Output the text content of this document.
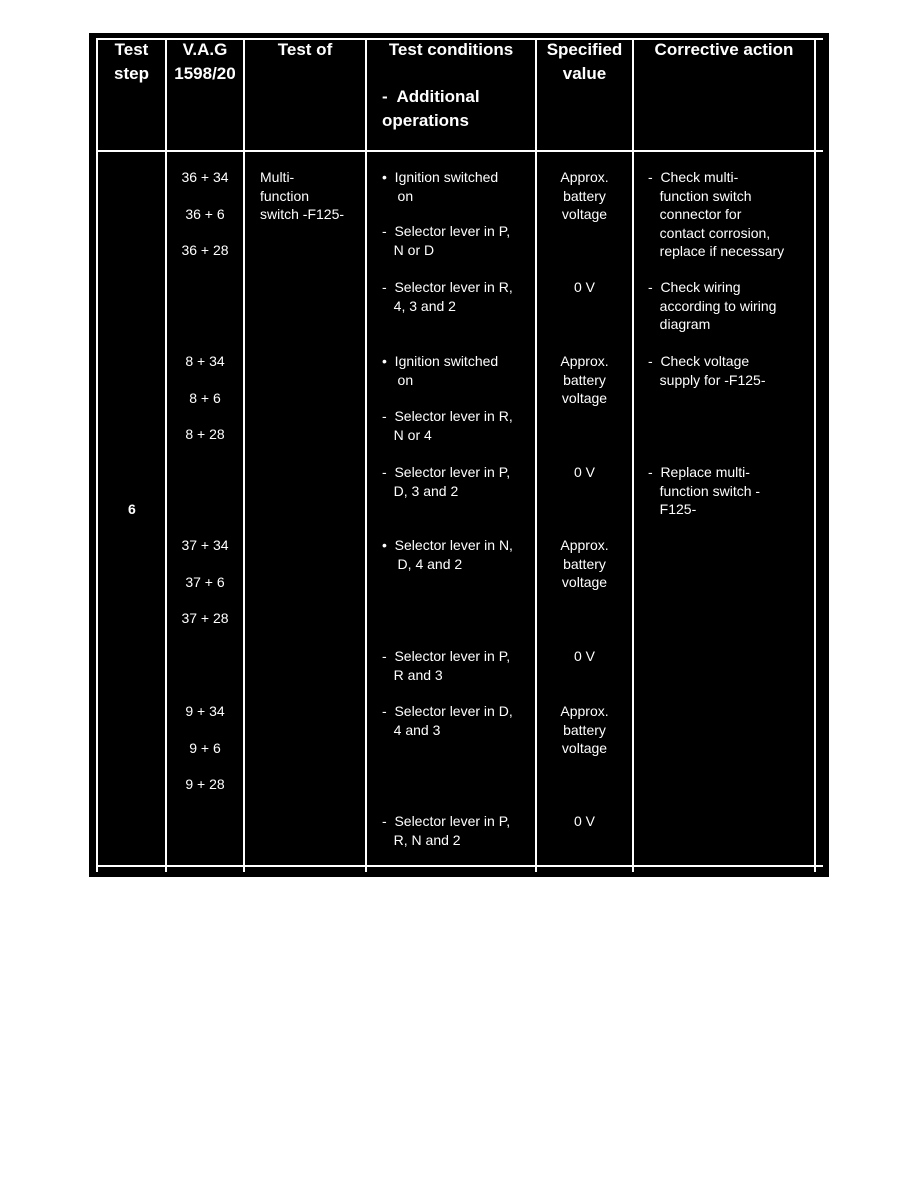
Test
step
V.A.G
1598/20
Test of	Test conditions
-  Additional
operations
Specified
value
Corrective action
6
Multi-
function
switch -F125-
36 + 34
36 + 6
36 + 28
8 + 34
8 + 6
8 + 28
37 + 34
37 + 6
37 + 28
9 + 34
9 + 6
9 + 28
•  Ignition switched
on
-  Selector lever in P,
N or D
-  Selector lever in R,
4, 3 and 2
•  Ignition switched
on
-  Selector lever in R,
N or 4
-  Selector lever in P,
D, 3 and 2
•  Selector lever in N,
D, 4 and 2
-  Selector lever in P,
R and 3
-  Selector lever in D,
4 and 3
-  Selector lever in P,
R, N and 2
Approx.
battery
voltage
0 V
Approx.
battery
voltage
0 V
Approx.
battery
voltage
0 V
Approx.
battery
voltage
0 V
-  Check multi-
function switch
connector for
contact corrosion,
replace if necessary
-  Check wiring
according to wiring
diagram
-  Check voltage
supply for -F125-
-  Replace multi-
function switch -
F125-
